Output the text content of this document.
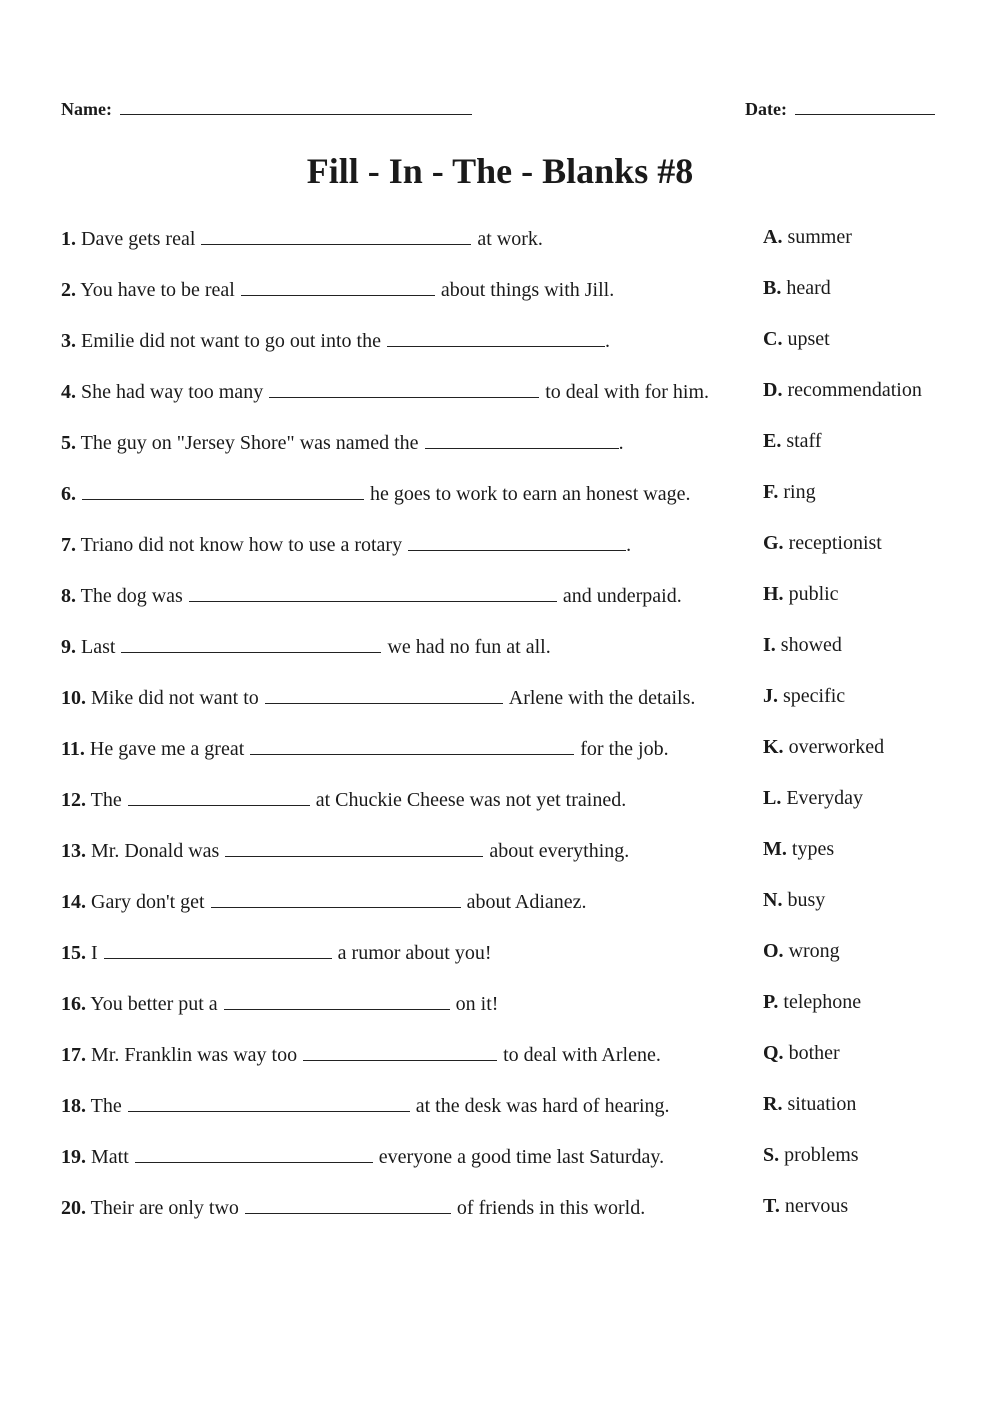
Name:	Date:
Fill - In - The - Blanks #8
1. Dave gets real	at work.	A. summer
2. You have to be real	about things with Jill.	B. heard
3. Emilie did not want to go out into the	.	C. upset
4. She had way too many	to deal with for him.	D. recommendation
5. The guy on "Jersey Shore" was named the	.	E. staff
6.	he goes to work to earn an honest wage.	F. ring
7. Triano did not know how to use a rotary	.	G. receptionist
8. The dog was	and underpaid.	H. public
9. Last	we had no fun at all.	I. showed
10. Mike did not want to	Arlene with the details.	J. specific
11. He gave me a great	for the job.	K. overworked
12. The	at Chuckie Cheese was not yet trained.	L. Everyday
13. Mr. Donald was	about everything.	M. types
14. Gary don't get	about Adianez.	N. busy
15. I	a rumor about you!	O. wrong
16. You better put a	on it!	P. telephone
17. Mr. Franklin was way too	to deal with Arlene.	Q. bother
18. The	at the desk was hard of hearing.	R. situation
19. Matt	everyone a good time last Saturday.	S. problems
20. Their are only two	of friends in this world.	T. nervous
